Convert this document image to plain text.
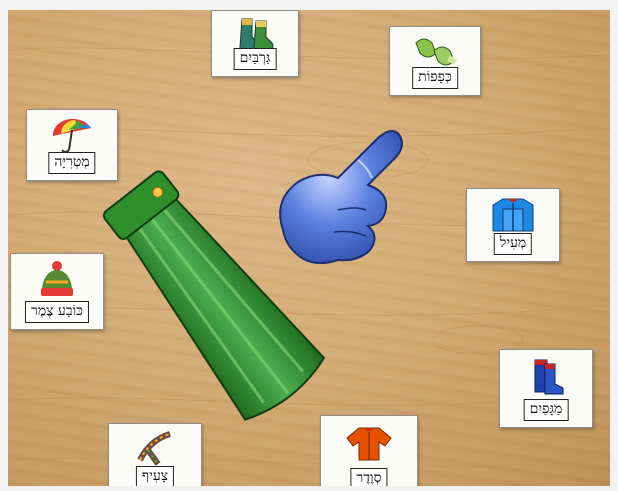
גַּרְבַּיִם
כְּפָפוֹת
מְטְרִיָּה
מְעִיל
כּוֹבַע צֶמֶר
מַגָּפַיִם
צָעִיף	סְוֶדֶר
